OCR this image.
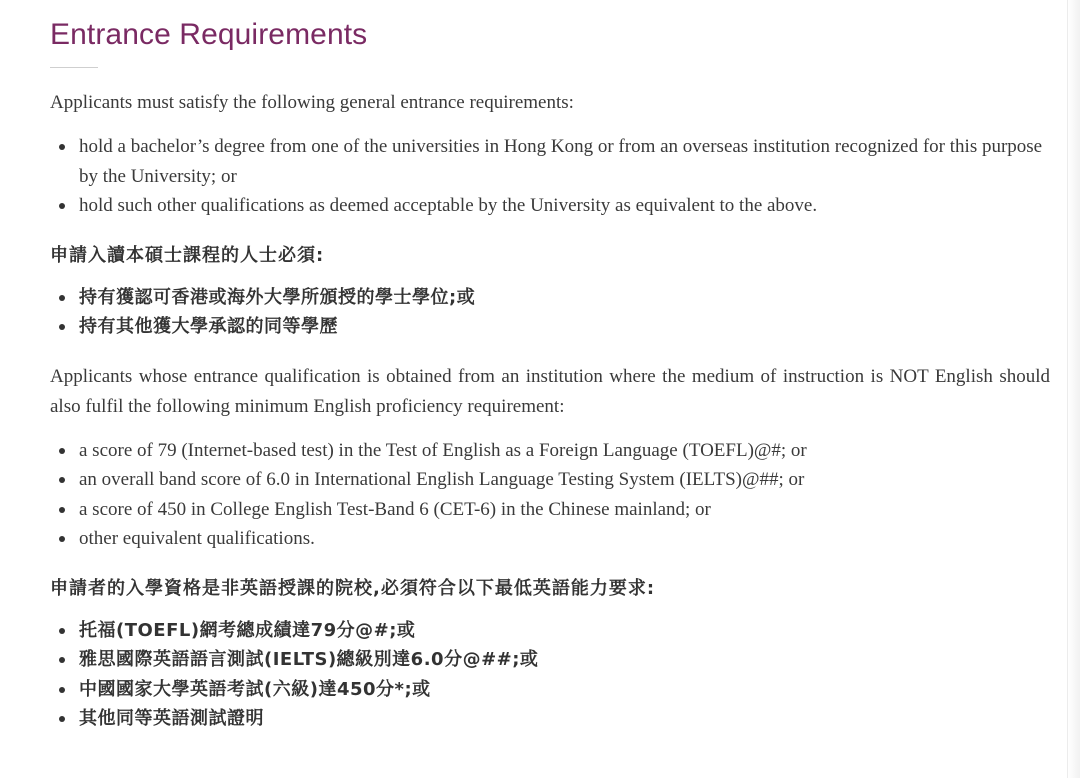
Entrance Requirements

Applicants must satisfy the following general entrance requirements:

hold a bachelor’s degree from one of the universities in Hong Kong or from an overseas institution recognized for this purpose by the University; or
hold such other qualifications as deemed acceptable by the University as equivalent to the above.

申請入讀本碩士課程的人士必須:

持有獲認可香港或海外大學所頒授的學士學位;或
持有其他獲大學承認的同等學歷

Applicants whose entrance qualification is obtained from an institution where the medium of instruction is NOT English should also fulfil the following minimum English proficiency requirement:

a score of 79 (Internet-based test) in the Test of English as a Foreign Language (TOEFL)@#; or
an overall band score of 6.0 in International English Language Testing System (IELTS)@##; or
a score of 450 in College English Test-Band 6 (CET-6) in the Chinese mainland; or
other equivalent qualifications.

申請者的入學資格是非英語授課的院校,必須符合以下最低英語能力要求:

托福(TOEFL)網考總成績達79分@#;或
雅思國際英語語言測試(IELTS)總級別達6.0分@##;或
中國國家大學英語考試(六級)達450分*;或
其他同等英語測試證明
